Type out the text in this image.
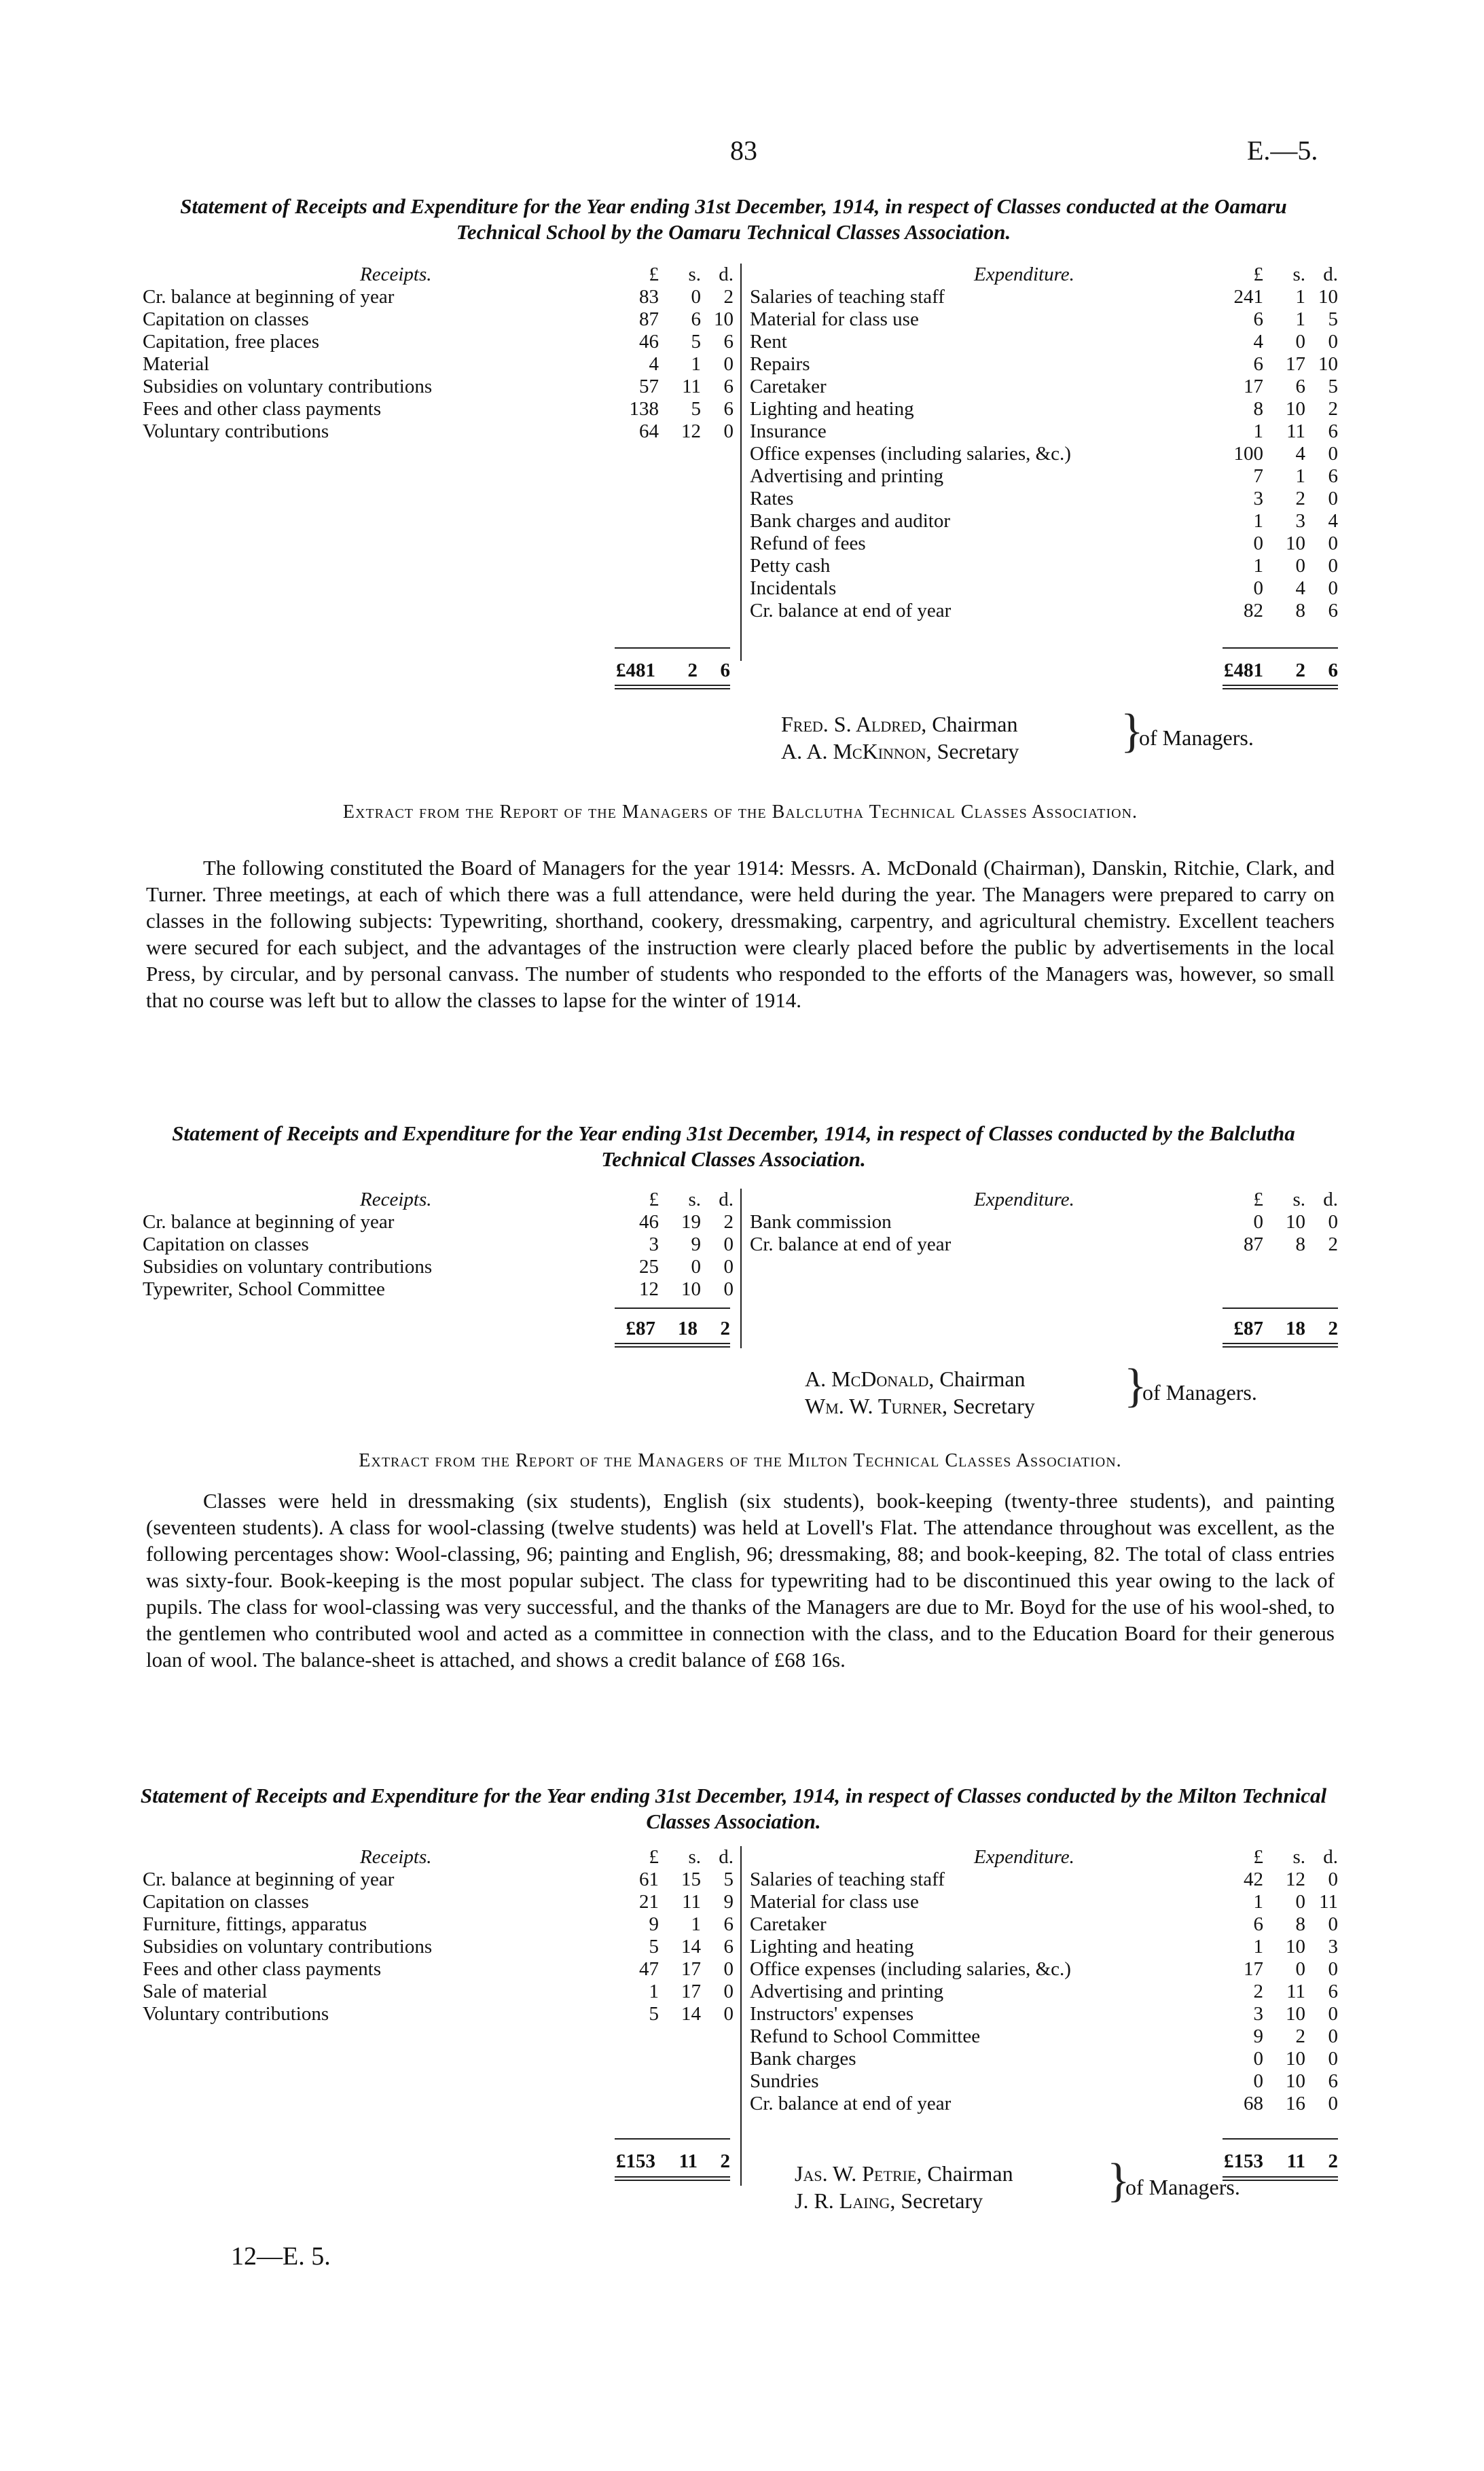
83	E.—5.
Statement of Receipts and Expenditure for the Year ending 31st December, 1914, in respect of Classes conducted at the Oamaru Technical School by the Oamaru Technical Classes Association.
Receipts.	£	s. d.
Cr. balance at beginning of year	83	0	2
Capitation on classes	87	6 10
Capitation, free places	46	5	6
Material	4	1	0
Subsidies on voluntary contributions	57	11	6
Fees and other class payments	138	5	6
Voluntary contributions	64	12	0
Expenditure.	£	s. d.
Salaries of teaching staff	241	1 10
Material for class use	6	1	5
Rent	4	0	0
Repairs	6	17 10
Caretaker	17	6	5
Lighting and heating	8	10	2
Insurance	1	11	6
Office expenses (including salaries, &c.)	100	4	0
Advertising and printing	7	1	6
Rates	3	2	0
Bank charges and auditor	1	3	4
Refund of fees	0	10	0
Petty cash	1	0	0
Incidentals	0	4	0
Cr. balance at end of year	82	8	6
£481	2	6	£481	2	6
Fred. S. Aldred, Chairman
A. A. McKinnon, Secretary }
of Managers.
Extract from the Report of the Managers of the Balclutha Technical Classes Association.
The following constituted the Board of Managers for the year 1914: Messrs. A. McDonald (Chairman), Danskin, Ritchie, Clark, and Turner. Three meetings, at each of which there was a full attendance, were held during the year. The Managers were prepared to carry on classes in the following subjects: Typewriting, shorthand, cookery, dressmaking, carpentry, and agricultural chemistry. Excellent teachers were secured for each subject, and the advantages of the instruction were clearly placed before the public by advertisements in the local Press, by circular, and by personal canvass. The number of students who responded to the efforts of the Managers was, however, so small that no course was left but to allow the classes to lapse for the winter of 1914.
Statement of Receipts and Expenditure for the Year ending 31st December, 1914, in respect of Classes conducted by the Balclutha Technical Classes Association.
Receipts.	£	s. d.
Cr. balance at beginning of year	46	19	2
Capitation on classes	3	9	0
Subsidies on voluntary contributions	25	0	0
Typewriter, School Committee	12	10	0
Expenditure.	£	s. d.
Bank commission	0	10	0
Cr. balance at end of year	87	8	2
£87	18	2	£87	18	2
A. McDonald, Chairman
Wm. W. Turner, Secretary }
of Managers.
Extract from the Report of the Managers of the Milton Technical Classes Association.
Classes were held in dressmaking (six students), English (six students), book-keeping (twenty-three students), and painting (seventeen students). A class for wool-classing (twelve students) was held at Lovell's Flat. The attendance throughout was excellent, as the following percentages show: Wool-classing, 96; painting and English, 96; dressmaking, 88; and book-keeping, 82. The total of class entries was sixty-four. Book-keeping is the most popular subject. The class for typewriting had to be discontinued this year owing to the lack of pupils. The class for wool-classing was very successful, and the thanks of the Managers are due to Mr. Boyd for the use of his wool-shed, to the gentlemen who contributed wool and acted as a committee in connection with the class, and to the Education Board for their generous loan of wool. The balance-sheet is attached, and shows a credit balance of £68 16s.
Statement of Receipts and Expenditure for the Year ending 31st December, 1914, in respect of Classes conducted by the Milton Technical Classes Association.
Receipts.	£	s. d.
Cr. balance at beginning of year	61	15	5
Capitation on classes	21	11	9
Furniture, fittings, apparatus	9	1	6
Subsidies on voluntary contributions	5	14	6
Fees and other class payments	47	17	0
Sale of material	1	17	0
Voluntary contributions	5	14	0
Expenditure.	£	s. d.
Salaries of teaching staff	42	12	0
Material for class use	1	0 11
Caretaker	6	8	0
Lighting and heating	1	10	3
Office expenses (including salaries, &c.)	17	0	0
Advertising and printing	2	11	6
Instructors' expenses	3	10	0
Refund to School Committee	9	2	0
Bank charges	0	10	0
Sundries	0	10	6
Cr. balance at end of year	68	16	0
£153	11	2	£153	11	2
Jas. W. Petrie, Chairman
J. R. Laing, Secretary	}
of Managers.
12—E. 5.
